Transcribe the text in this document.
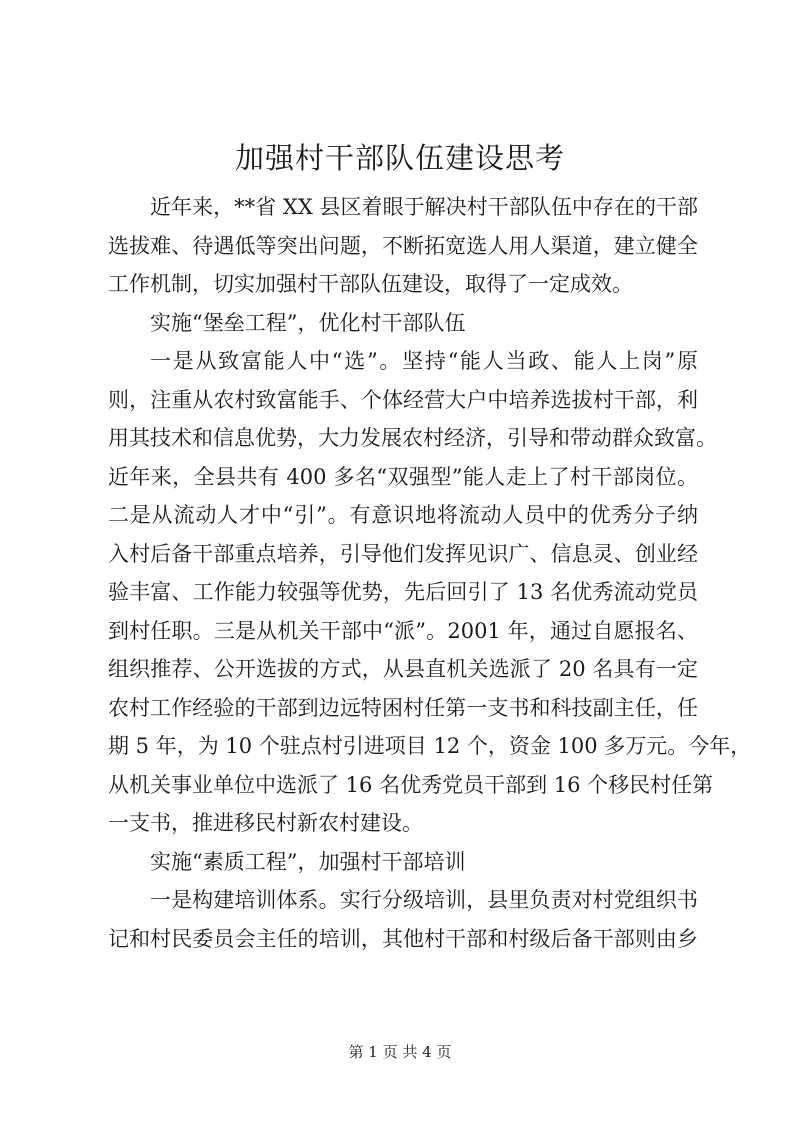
加强村干部队伍建设思考
近年来，**省 XX 县区着眼于解决村干部队伍中存在的干部
选拔难、待遇低等突出问题，不断拓宽选人用人渠道，建立健全
工作机制，切实加强村干部队伍建设，取得了一定成效。
实施“堡垒工程”，优化村干部队伍
一是从致富能人中“选”。坚持“能人当政、能人上岗”原
则，注重从农村致富能手、个体经营大户中培养选拔村干部，利
用其技术和信息优势，大力发展农村经济，引导和带动群众致富。
近年来，全县共有 400 多名“双强型”能人走上了村干部岗位。
二是从流动人才中“引”。有意识地将流动人员中的优秀分子纳
入村后备干部重点培养，引导他们发挥见识广、信息灵、创业经
验丰富、工作能力较强等优势，先后回引了 13 名优秀流动党员
到村任职。三是从机关干部中“派”。2001 年，通过自愿报名、
组织推荐、公开选拔的方式，从县直机关选派了 20 名具有一定
农村工作经验的干部到边远特困村任第一支书和科技副主任，任
期 5 年，为 10 个驻点村引进项目 12 个，资金 100 多万元。今年，
从机关事业单位中选派了 16 名优秀党员干部到 16 个移民村任第
一支书，推进移民村新农村建设。
实施“素质工程”，加强村干部培训
一是构建培训体系。实行分级培训，县里负责对村党组织书
记和村民委员会主任的培训，其他村干部和村级后备干部则由乡
第 1 页 共 4 页
